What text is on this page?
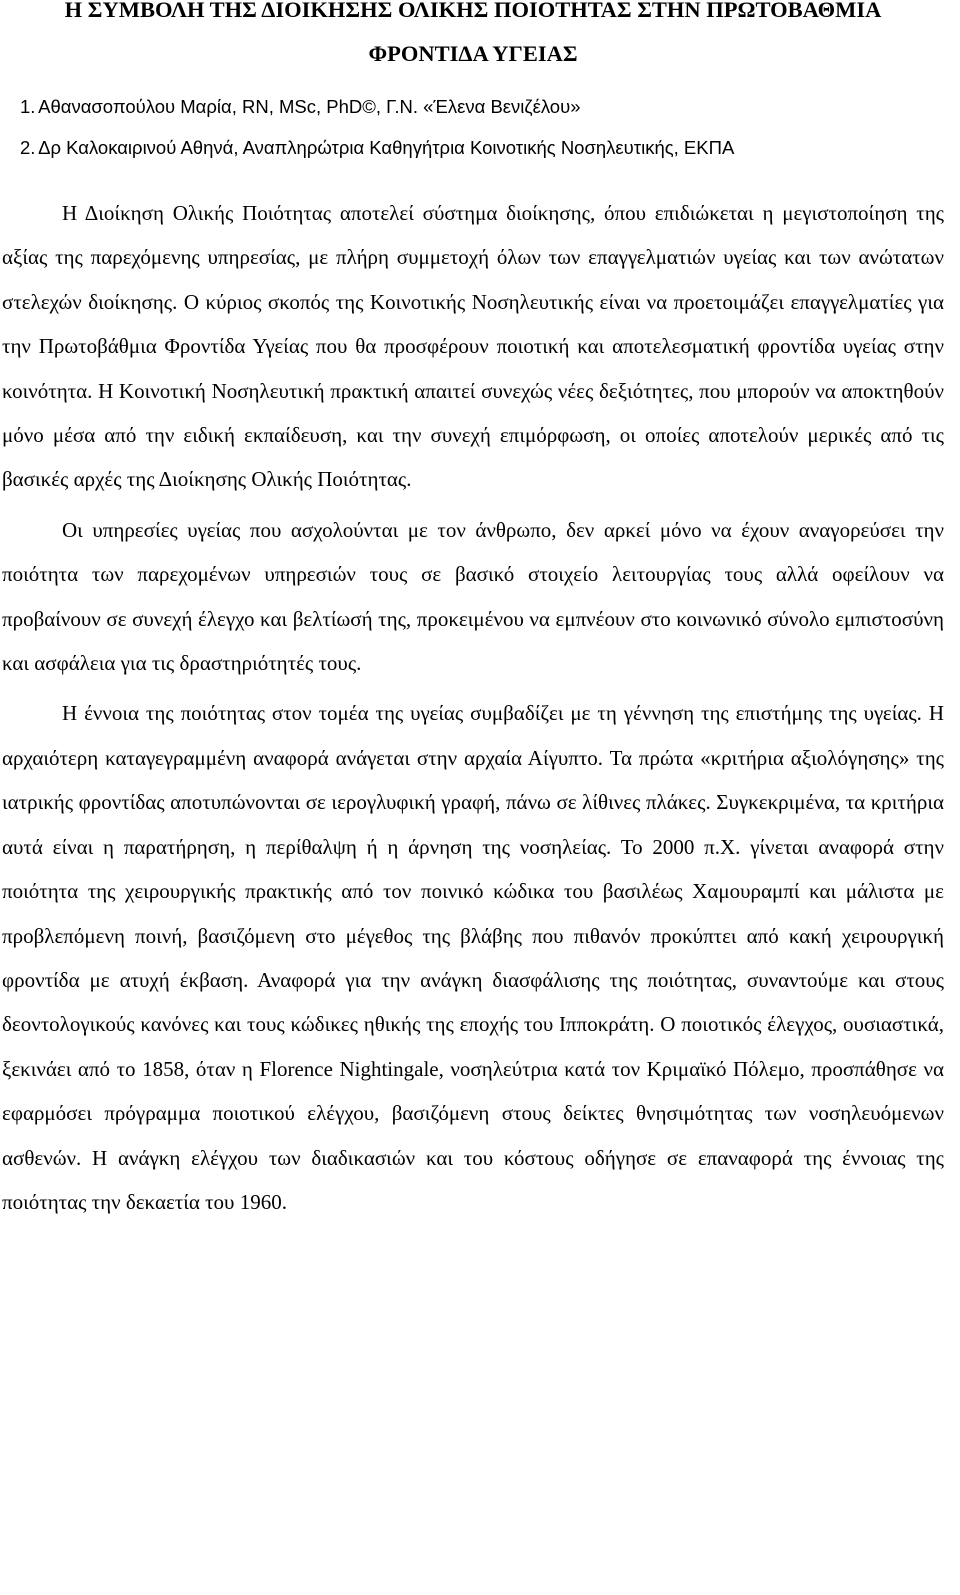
Η ΣΥΜΒΟΛΗ ΤΗΣ ΔΙΟΙΚΗΣΗΣ ΟΛΙΚΗΣ ΠΟΙΟΤΗΤΑΣ ΣΤΗΝ ΠΡΩΤΟΒΑΘΜΙΑ ΦΡΟΝΤΙΔΑ ΥΓΕΙΑΣ
1. Αθανασοπούλου Μαρία, RN, MSc, PhD©, Γ.Ν. «Έλενα Βενιζέλου»
2. Δρ Καλοκαιρινού Αθηνά, Αναπληρώτρια Καθηγήτρια Κοινοτικής Νοσηλευτικής, ΕΚΠΑ

Η Διοίκηση Ολικής Ποιότητας αποτελεί σύστημα διοίκησης, όπου επιδιώκεται η μεγιστοποίηση της αξίας της παρεχόμενης υπηρεσίας, με πλήρη συμμετοχή όλων των επαγγελματιών υγείας και των ανώτατων στελεχών διοίκησης. Ο κύριος σκοπός της Κοινοτικής Νοσηλευτικής είναι να προετοιμάζει επαγγελματίες για την Πρωτοβάθμια Φροντίδα Υγείας που θα προσφέρουν ποιοτική και αποτελεσματική φροντίδα υγείας στην κοινότητα. Η Κοινοτική Νοσηλευτική πρακτική απαιτεί συνεχώς νέες δεξιότητες, που μπορούν να αποκτηθούν μόνο μέσα από την ειδική εκπαίδευση, και την συνεχή επιμόρφωση, οι οποίες αποτελούν μερικές από τις βασικές αρχές της Διοίκησης Ολικής Ποιότητας.

Οι υπηρεσίες υγείας που ασχολούνται με τον άνθρωπο, δεν αρκεί μόνο να έχουν αναγορεύσει την ποιότητα των παρεχομένων υπηρεσιών τους σε βασικό στοιχείο λειτουργίας τους αλλά οφείλουν να προβαίνουν σε συνεχή έλεγχο και βελτίωσή της, προκειμένου να εμπνέουν στο κοινωνικό σύνολο εμπιστοσύνη και ασφάλεια για τις δραστηριότητές τους.

Η έννοια της ποιότητας στον τομέα της υγείας συμβαδίζει με τη γέννηση της επιστήμης της υγείας. Η αρχαιότερη καταγεγραμμένη αναφορά ανάγεται στην αρχαία Αίγυπτο. Τα πρώτα «κριτήρια αξιολόγησης» της ιατρικής φροντίδας αποτυπώνονται σε ιερογλυφική γραφή, πάνω σε λίθινες πλάκες. Συγκεκριμένα, τα κριτήρια αυτά είναι η παρατήρηση, η περίθαλψη ή η άρνηση της νοσηλείας. Το 2000 π.Χ. γίνεται αναφορά στην ποιότητα της χειρουργικής πρακτικής από τον ποινικό κώδικα του βασιλέως Χαμουραμπί και μάλιστα με προβλεπόμενη ποινή, βασιζόμενη στο μέγεθος της βλάβης που πιθανόν προκύπτει από κακή χειρουργική φροντίδα με ατυχή έκβαση. Αναφορά για την ανάγκη διασφάλισης της ποιότητας, συναντούμε και στους δεοντολογικούς κανόνες και τους κώδικες ηθικής της εποχής του Ιπποκράτη. Ο ποιοτικός έλεγχος, ουσιαστικά, ξεκινάει από το 1858, όταν η Florence Nightingale, νοσηλεύτρια κατά τον Κριμαϊκό Πόλεμο, προσπάθησε να εφαρμόσει πρόγραμμα ποιοτικού ελέγχου, βασιζόμενη στους δείκτες θνησιμότητας των νοσηλευόμενων ασθενών. Η ανάγκη ελέγχου των διαδικασιών και του κόστους οδήγησε σε επαναφορά της έννοιας της ποιότητας την δεκαετία του 1960.
